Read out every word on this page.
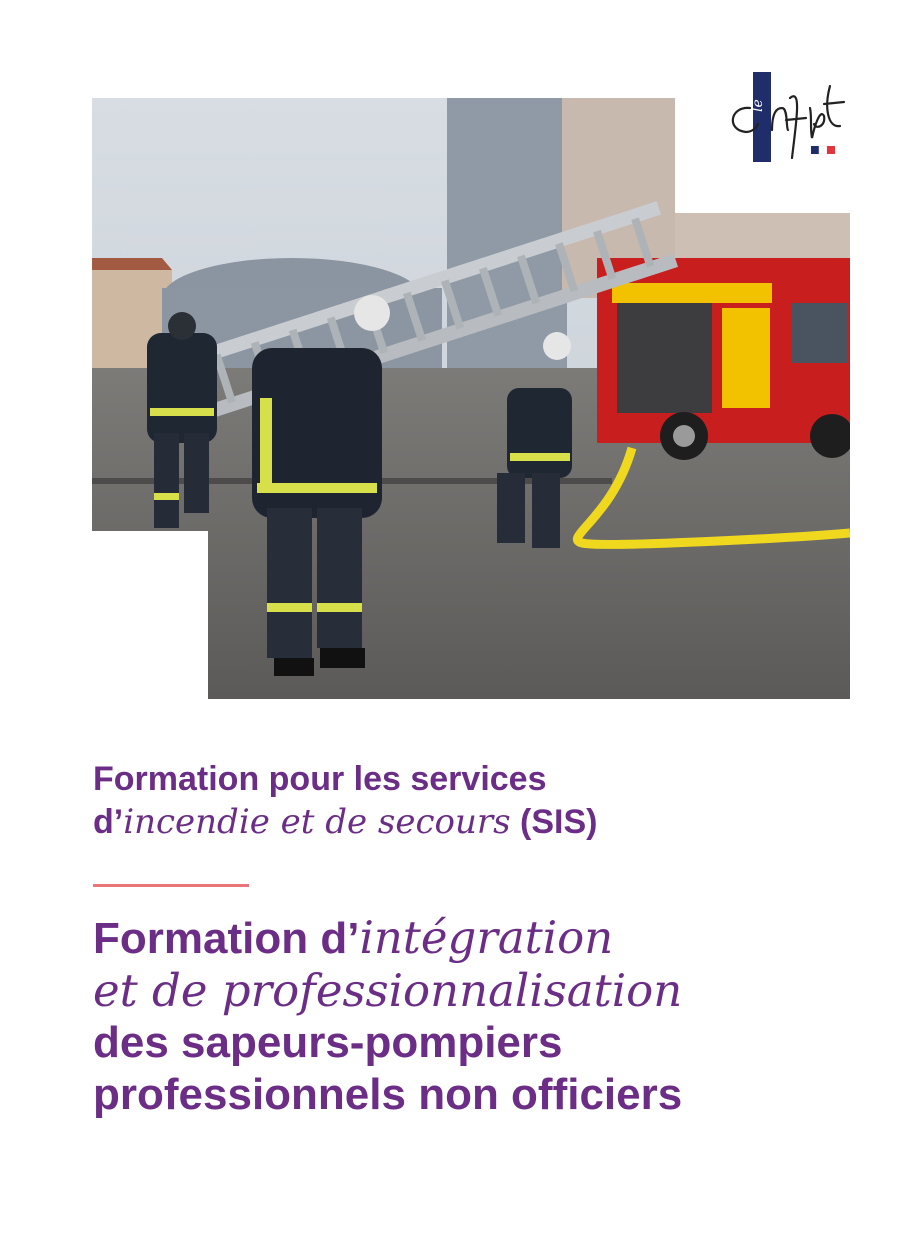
le
Formation pour les services
d’incendie et de secours (SIS)
Formation d’intégration
et de professionnalisation
des sapeurs-pompiers
professionnels non officiers
